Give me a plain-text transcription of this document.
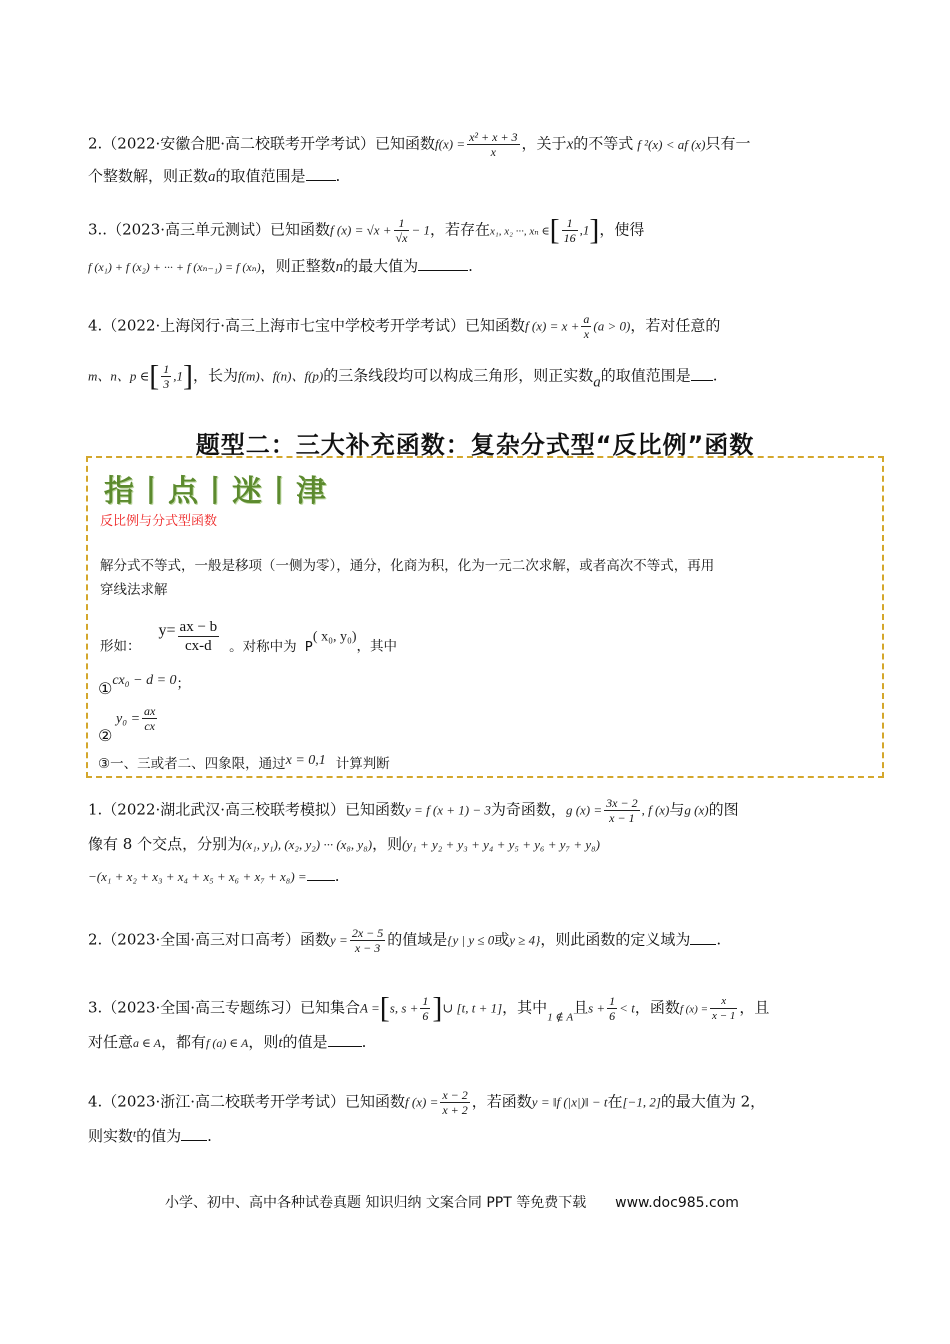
2.（2022·安徽合肥·高二校联考开学考试）已知函数$f(x) = \frac{\text{x² + x + 3}}{x}$ ，关于x的不等式 f ²(x) < af (x)只有一
个整数解，则正数a的取值范围是 .
3..（2023·高三单元测试）已知函数f $(x) = √x + \frac{1}{√x} - 1$，若存在x₁, x₂ ···, xₙ ∈[ $\frac{1}{16} ,1$]，使得
f (x₁) + f (x₂) + ··· + f (xₙ₋₁) = f (xₙ)，则正整数n的最大值为	.
4.（2022·上海闵行·高三上海市七宝中学校考开学考试）已知函数f $(x) = x + \frac{a}{x} (a > 0)$，若对任意的
m、n、p ∈[ $\frac{1}{3} ,1$]，长为f(m)、f(n)、f(p)的三条线段均可以构成三角形，则正实数a的取值范围是 .
题型二：三大补充函数：复杂分式型“反比例”函数
指丨点丨迷丨津
反比例与分式型函数
解分式不等式，一般是移项（一侧为零），通分，化商为积，化为一元二次求解，或者高次不等式，再用
穿线法求解
形如：$y= \frac{ax - b}{cx-d}$ 。对称中为 P( x₀, y₀)，其中
①cx₀ − d = 0；
$y_0 = \frac{ax}{cx}$
②
③一、三或者二、四象限，通过x = 0,1 计算判断
1.（2022·湖北武汉·高三校联考模拟）已知函数y = f (x + 1) − 3为奇函数，g $(x) = \frac{3x - 2}{x - 1}$ , f (x)与g (x)的图
像有 8 个交点，分别为(x₁, y₁), (x₂, y₂) ··· (x₈, y₈)，则(y₁ + y₂ + y₃ + y₄ + y₅ + y₆ + y₇ + y₈)
−(x₁ + x₂ + x₃ + x₄ + x₅ + x₆ + x₇ + x₈) = .
2.（2023·全国·高三对口高考）函数$y = \frac{2x - 5}{x - 3}$ 的值域是{y | y ≤ 0或y ≥ 4}，则此函数的定义域为 .
3.（2023·全国·高三专题练习）已知集合A =[s, $s + \frac{1}{6}$ ]∪ [t, t + 1]，其中$_{1 \notin A}$且$s + \frac{1}{6} < t$，函数f $(x) = \frac{x}{x - 1}$ ，且
对任意a ∈ A，都有f (a) ∈ A，则t的值是 .
4.（2023·浙江·高二校联考开学考试）已知函数f $(x) = \frac{x - 2}{x + 2}$ ，若函数y = ‖f (|x|)‖ − t在[−1, 2]的最大值为 2，
则实数$^t$的值为 .
小学、初中、高中各种试卷真题 知识归纳 文案合同 PPT 等免费下载 www.doc985.com
